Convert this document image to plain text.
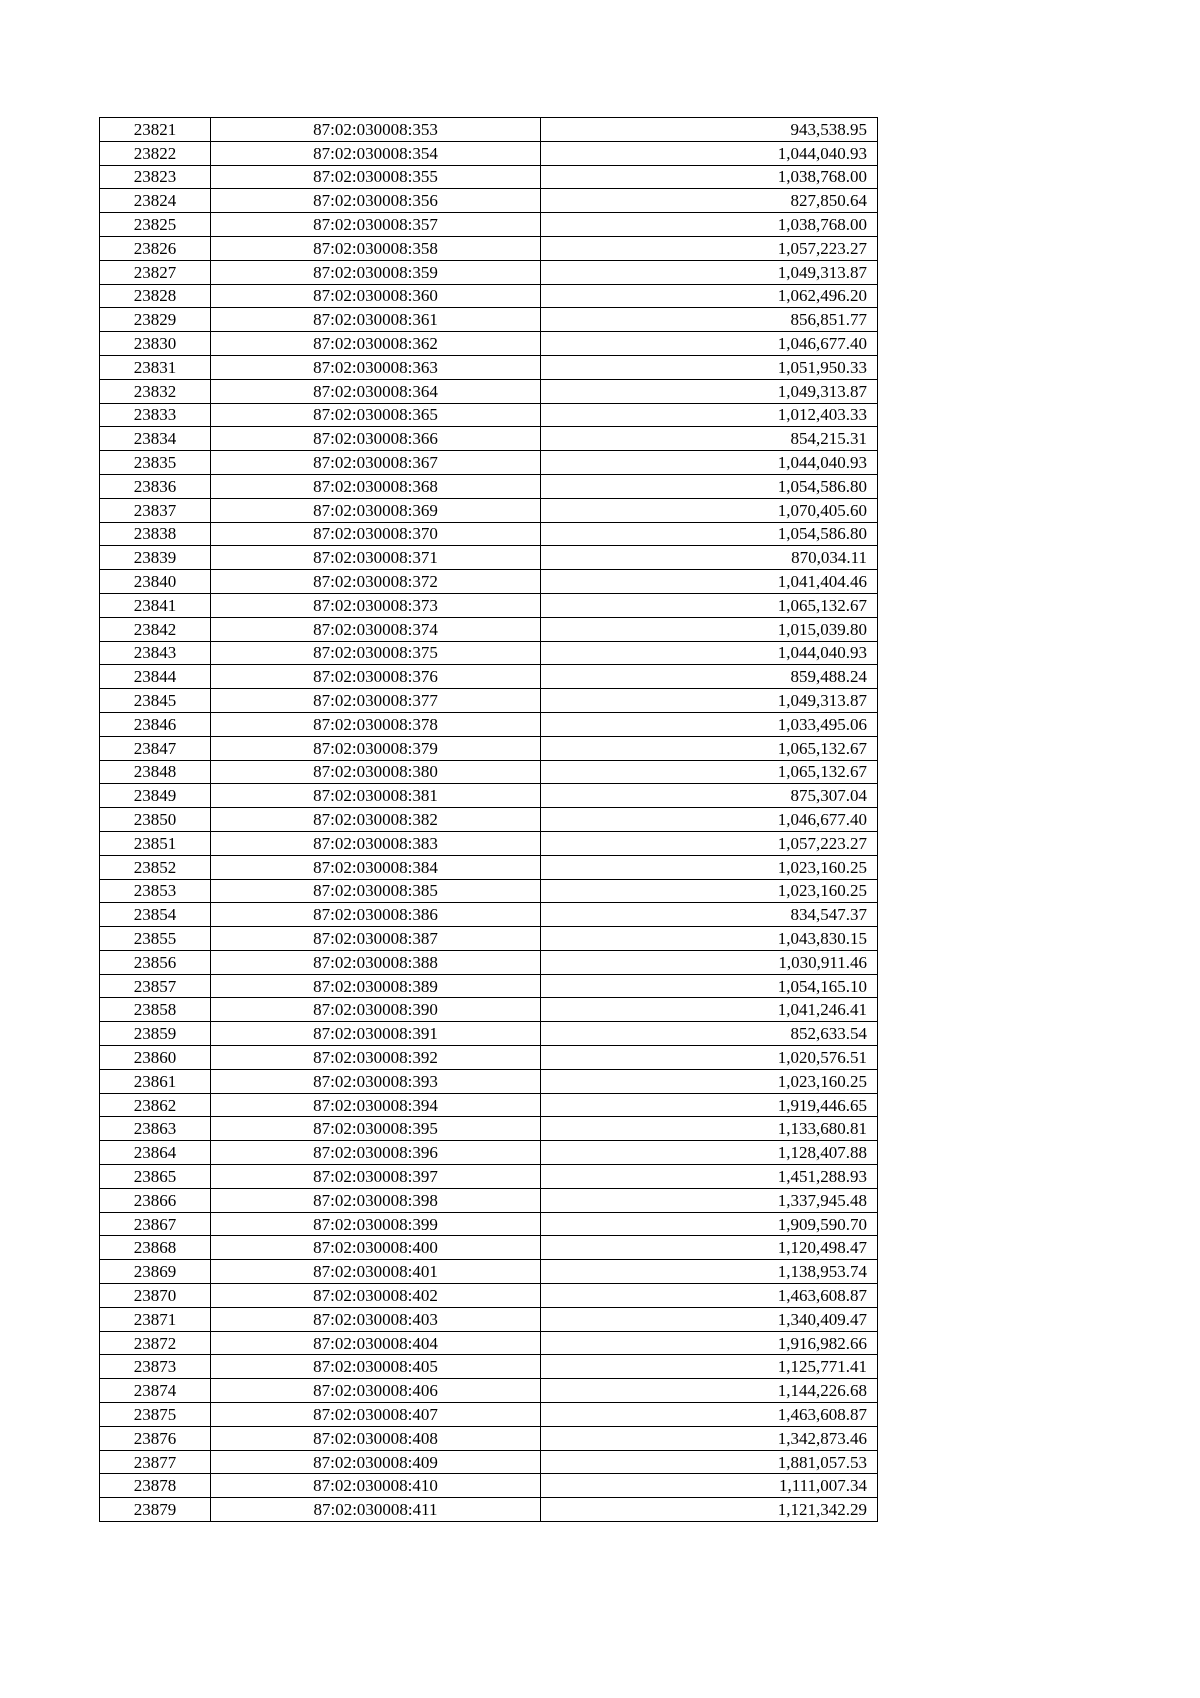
23821	87:02:030008:353	943,538.95
23822	87:02:030008:354	1,044,040.93
23823	87:02:030008:355	1,038,768.00
23824	87:02:030008:356	827,850.64
23825	87:02:030008:357	1,038,768.00
23826	87:02:030008:358	1,057,223.27
23827	87:02:030008:359	1,049,313.87
23828	87:02:030008:360	1,062,496.20
23829	87:02:030008:361	856,851.77
23830	87:02:030008:362	1,046,677.40
23831	87:02:030008:363	1,051,950.33
23832	87:02:030008:364	1,049,313.87
23833	87:02:030008:365	1,012,403.33
23834	87:02:030008:366	854,215.31
23835	87:02:030008:367	1,044,040.93
23836	87:02:030008:368	1,054,586.80
23837	87:02:030008:369	1,070,405.60
23838	87:02:030008:370	1,054,586.80
23839	87:02:030008:371	870,034.11
23840	87:02:030008:372	1,041,404.46
23841	87:02:030008:373	1,065,132.67
23842	87:02:030008:374	1,015,039.80
23843	87:02:030008:375	1,044,040.93
23844	87:02:030008:376	859,488.24
23845	87:02:030008:377	1,049,313.87
23846	87:02:030008:378	1,033,495.06
23847	87:02:030008:379	1,065,132.67
23848	87:02:030008:380	1,065,132.67
23849	87:02:030008:381	875,307.04
23850	87:02:030008:382	1,046,677.40
23851	87:02:030008:383	1,057,223.27
23852	87:02:030008:384	1,023,160.25
23853	87:02:030008:385	1,023,160.25
23854	87:02:030008:386	834,547.37
23855	87:02:030008:387	1,043,830.15
23856	87:02:030008:388	1,030,911.46
23857	87:02:030008:389	1,054,165.10
23858	87:02:030008:390	1,041,246.41
23859	87:02:030008:391	852,633.54
23860	87:02:030008:392	1,020,576.51
23861	87:02:030008:393	1,023,160.25
23862	87:02:030008:394	1,919,446.65
23863	87:02:030008:395	1,133,680.81
23864	87:02:030008:396	1,128,407.88
23865	87:02:030008:397	1,451,288.93
23866	87:02:030008:398	1,337,945.48
23867	87:02:030008:399	1,909,590.70
23868	87:02:030008:400	1,120,498.47
23869	87:02:030008:401	1,138,953.74
23870	87:02:030008:402	1,463,608.87
23871	87:02:030008:403	1,340,409.47
23872	87:02:030008:404	1,916,982.66
23873	87:02:030008:405	1,125,771.41
23874	87:02:030008:406	1,144,226.68
23875	87:02:030008:407	1,463,608.87
23876	87:02:030008:408	1,342,873.46
23877	87:02:030008:409	1,881,057.53
23878	87:02:030008:410	1,111,007.34
23879	87:02:030008:411	1,121,342.29
